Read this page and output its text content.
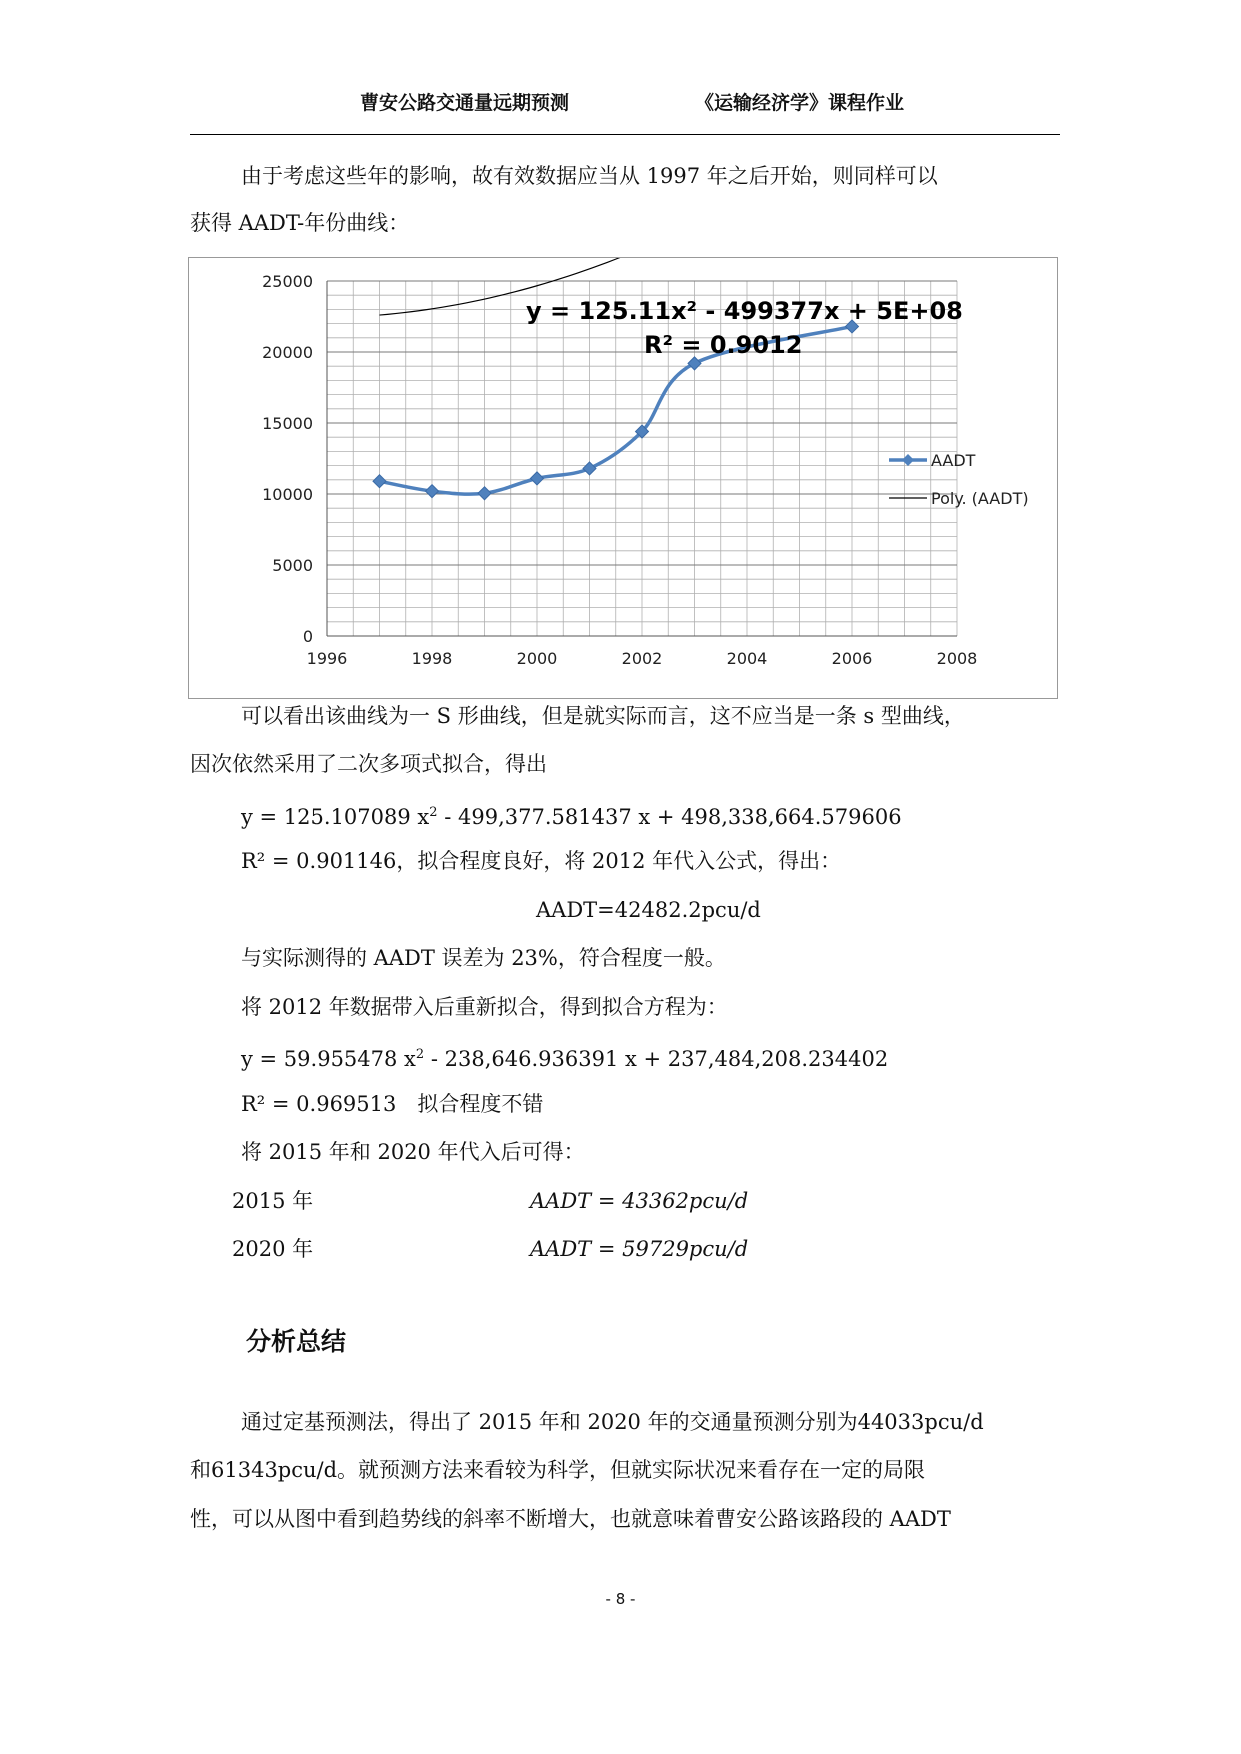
曹安公路交通量远期预测	《运输经济学》课程作业
由于考虑这些年的影响，故有效数据应当从 1997 年之后开始，则同样可以
获得 AADT-年份曲线：
0
5000
10000
15000
20000
25000
1996	1998	2000	2002	2004	2006	2008
y = 125.11x² - 499377x + 5E+08
R² = 0.9012
AADT
Poly. (AADT)
可以看出该曲线为一 S 形曲线，但是就实际而言，这不应当是一条 s 型曲线，
因次依然采用了二次多项式拟合，得出
y = 125.107089 $x^2 - 499,377.581437$ x + 498,338,664.579606
R² = 0.901146，拟合程度良好，将 2012 年代入公式，得出：
AADT=42482.2pcu/d
与实际测得的 AADT 误差为 23%，符合程度一般。
将 2012 年数据带入后重新拟合，得到拟合方程为：
y = 59.955478 $x^2 - 238,646.936391$ x + 237,484,208.234402
R² = 0.969513　拟合程度不错
将 2015 年和 2020 年代入后可得：
2015 年	AADT = 43362pcu/d
2020 年	AADT = 59729pcu/d
分析总结
通过定基预测法，得出了 2015 年和 2020 年的交通量预测分别为44033pcu/d
和61343pcu/d。就预测方法来看较为科学，但就实际状况来看存在一定的局限
性，可以从图中看到趋势线的斜率不断增大，也就意味着曹安公路该路段的 AADT
- 8 -
